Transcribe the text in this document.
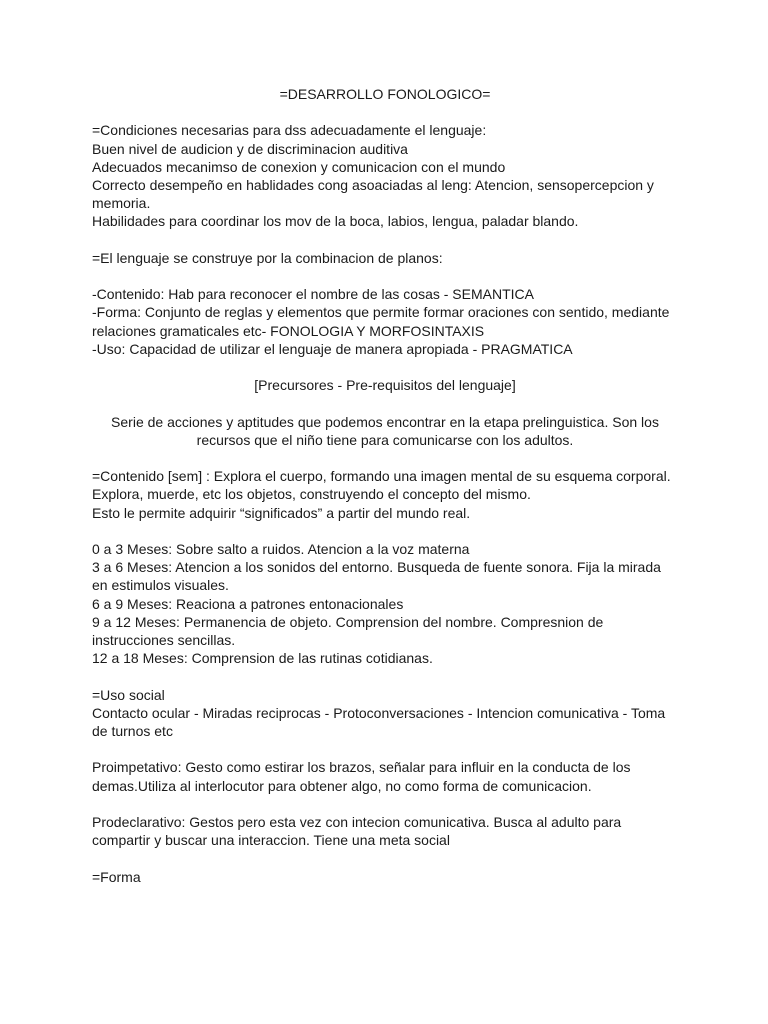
=DESARROLLO FONOLOGICO=
=Condiciones necesarias para dss adecuadamente el lenguaje:
Buen nivel de audicion y de discriminacion auditiva
Adecuados mecanimso de conexion y comunicacion con el mundo
Correcto desempeño en hablidades cong asoaciadas al leng: Atencion, sensopercepcion y memoria.
Habilidades para coordinar los mov de la boca, labios, lengua, paladar blando.
=El lenguaje se construye por la combinacion de planos:
-Contenido: Hab para reconocer el nombre de las cosas - SEMANTICA
-Forma: Conjunto de reglas y elementos que permite formar oraciones con sentido, mediante relaciones gramaticales etc- FONOLOGIA Y MORFOSINTAXIS
-Uso: Capacidad de utilizar el lenguaje de manera apropiada - PRAGMATICA
[Precursores - Pre-requisitos del lenguaje]
Serie de acciones y aptitudes que podemos encontrar en la etapa prelinguistica. Son los recursos que el niño tiene para comunicarse con los adultos.
=Contenido [sem] : Explora el cuerpo, formando una imagen mental de su esquema corporal.
Explora, muerde, etc los objetos, construyendo el concepto del mismo.
Esto le permite adquirir “significados” a partir del mundo real.
0 a 3 Meses: Sobre salto a ruidos. Atencion a la voz materna
3 a 6 Meses: Atencion a los sonidos del entorno. Busqueda de fuente sonora. Fija la mirada en estimulos visuales.
6 a 9 Meses: Reaciona a patrones entonacionales
9 a 12 Meses: Permanencia de objeto. Comprension del nombre. Compresnion de instrucciones sencillas.
12 a 18 Meses: Comprension de las rutinas cotidianas.
=Uso social
Contacto ocular - Miradas reciprocas - Protoconversaciones - Intencion comunicativa - Toma de turnos etc
Proimpetativo: Gesto como estirar los brazos, señalar para influir en la conducta de los demas.Utiliza al interlocutor para obtener algo, no como forma de comunicacion.
Prodeclarativo: Gestos pero esta vez con intecion comunicativa. Busca al adulto para compartir y buscar una interaccion. Tiene una meta social
=Forma
